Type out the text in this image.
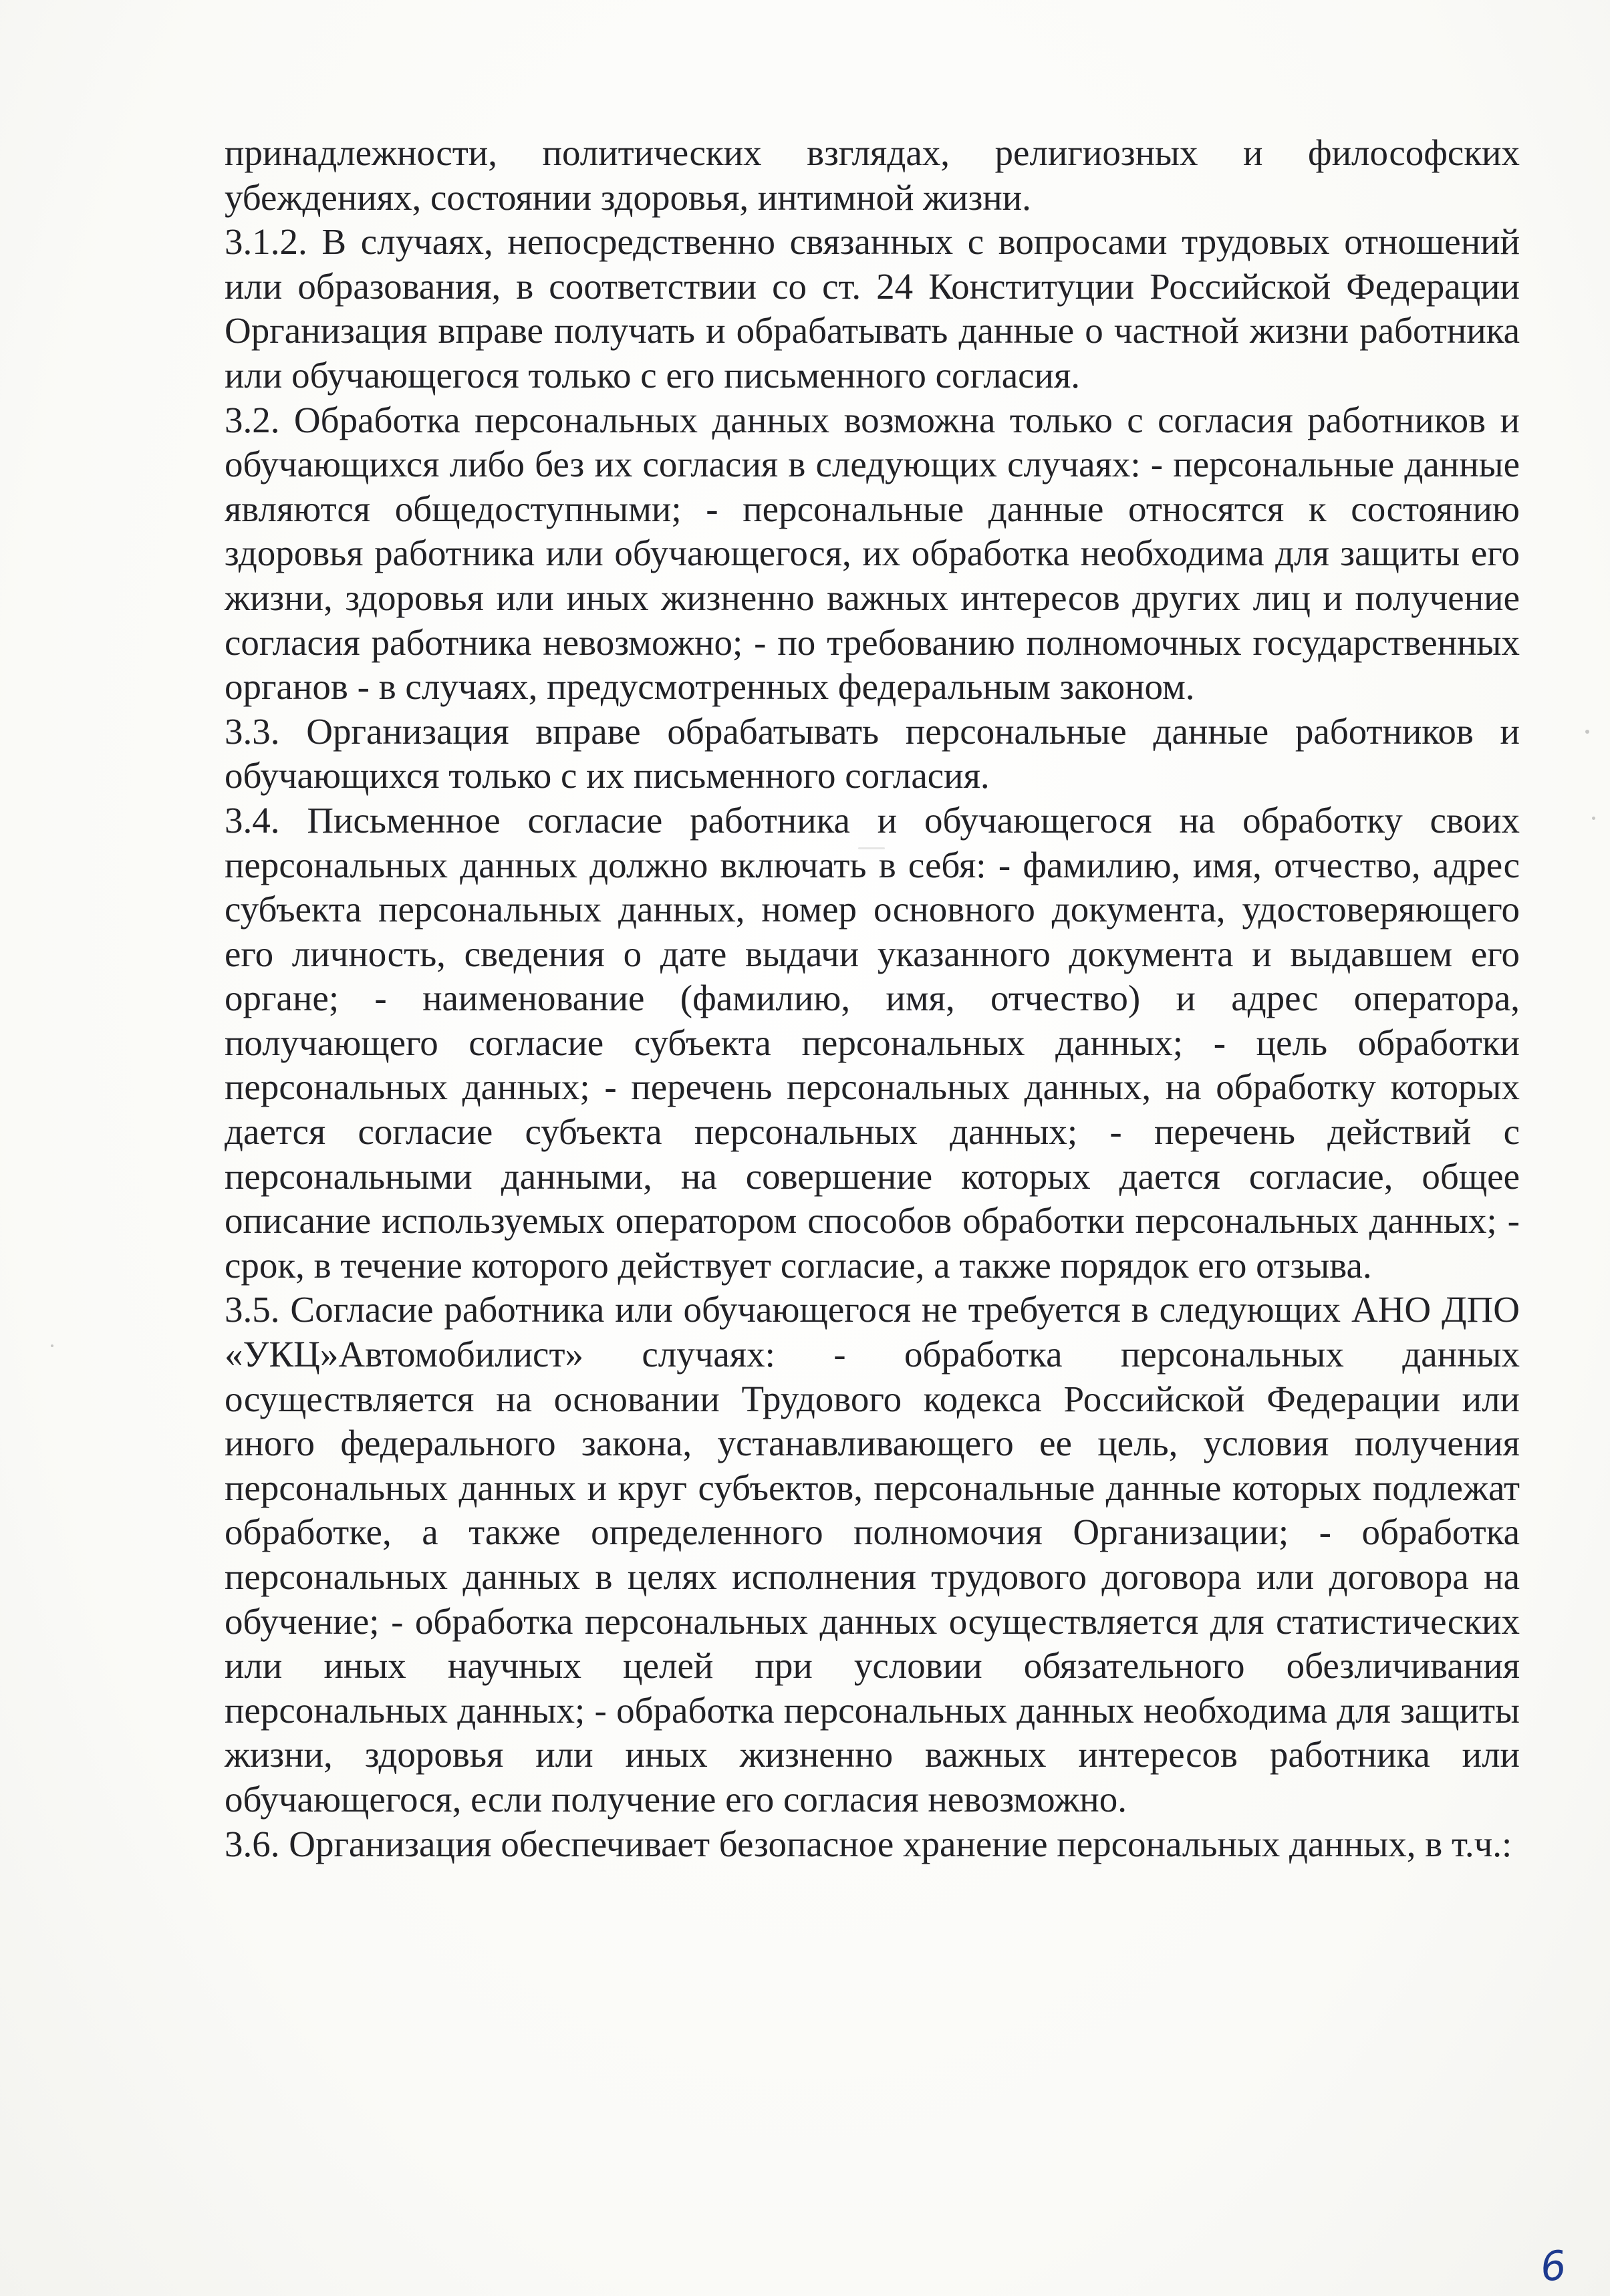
принадлежности, политических взглядах, религиозных и философских убеждениях, состоянии здоровья, интимной жизни.

3.1.2. В случаях, непосредственно связанных с вопросами трудовых отношений или образования, в соответствии со ст. 24 Конституции Российской Федерации Организация вправе получать и обрабатывать данные о частной жизни работника или обучающегося только с его письменного согласия.

3.2. Обработка персональных данных возможна только с согласия работников и обучающихся либо без их согласия в следующих случаях: - персональные данные являются общедоступными; - персональные данные относятся к состоянию здоровья работника или обучающегося, их обработка необходима для защиты его жизни, здоровья или иных жизненно важных интересов других лиц и получение согласия работника невозможно; - по требованию полномочных государственных органов - в случаях, предусмотренных федеральным законом.

3.3. Организация вправе обрабатывать персональные данные работников и обучающихся только с их письменного согласия.

3.4. Письменное согласие работника и обучающегося на обработку своих персональных данных должно включать в себя: - фамилию, имя, отчество, адрес субъекта персональных данных, номер основного документа, удостоверяющего его личность, сведения о дате выдачи указанного документа и выдавшем его органе; - наименование (фамилию, имя, отчество) и адрес оператора, получающего согласие субъекта персональных данных; - цель обработки персональных данных; - перечень персональных данных, на обработку которых дается согласие субъекта персональных данных; - перечень действий с персональными данными, на совершение которых дается согласие, общее описание используемых оператором способов обработки персональных данных; - срок, в течение которого действует согласие, а также порядок его отзыва.

3.5. Согласие работника или обучающегося не требуется в следующих АНО ДПО «УКЦ»Автомобилист» случаях: - обработка персональных данных осуществляется на основании Трудового кодекса Российской Федерации или иного федерального закона, устанавливающего ее цель, условия получения персональных данных и круг субъектов, персональные данные которых подлежат обработке, а также определенного полномочия Организации; - обработка персональных данных в целях исполнения трудового договора или договора на обучение; - обработка персональных данных осуществляется для статистических или иных научных целей при условии обязательного обезличивания персональных данных; - обработка персональных данных необходима для защиты жизни, здоровья или иных жизненно важных интересов работника или обучающегося, если получение его согласия невозможно.

3.6. Организация обеспечивает безопасное хранение персональных данных, в т.ч.:

6
